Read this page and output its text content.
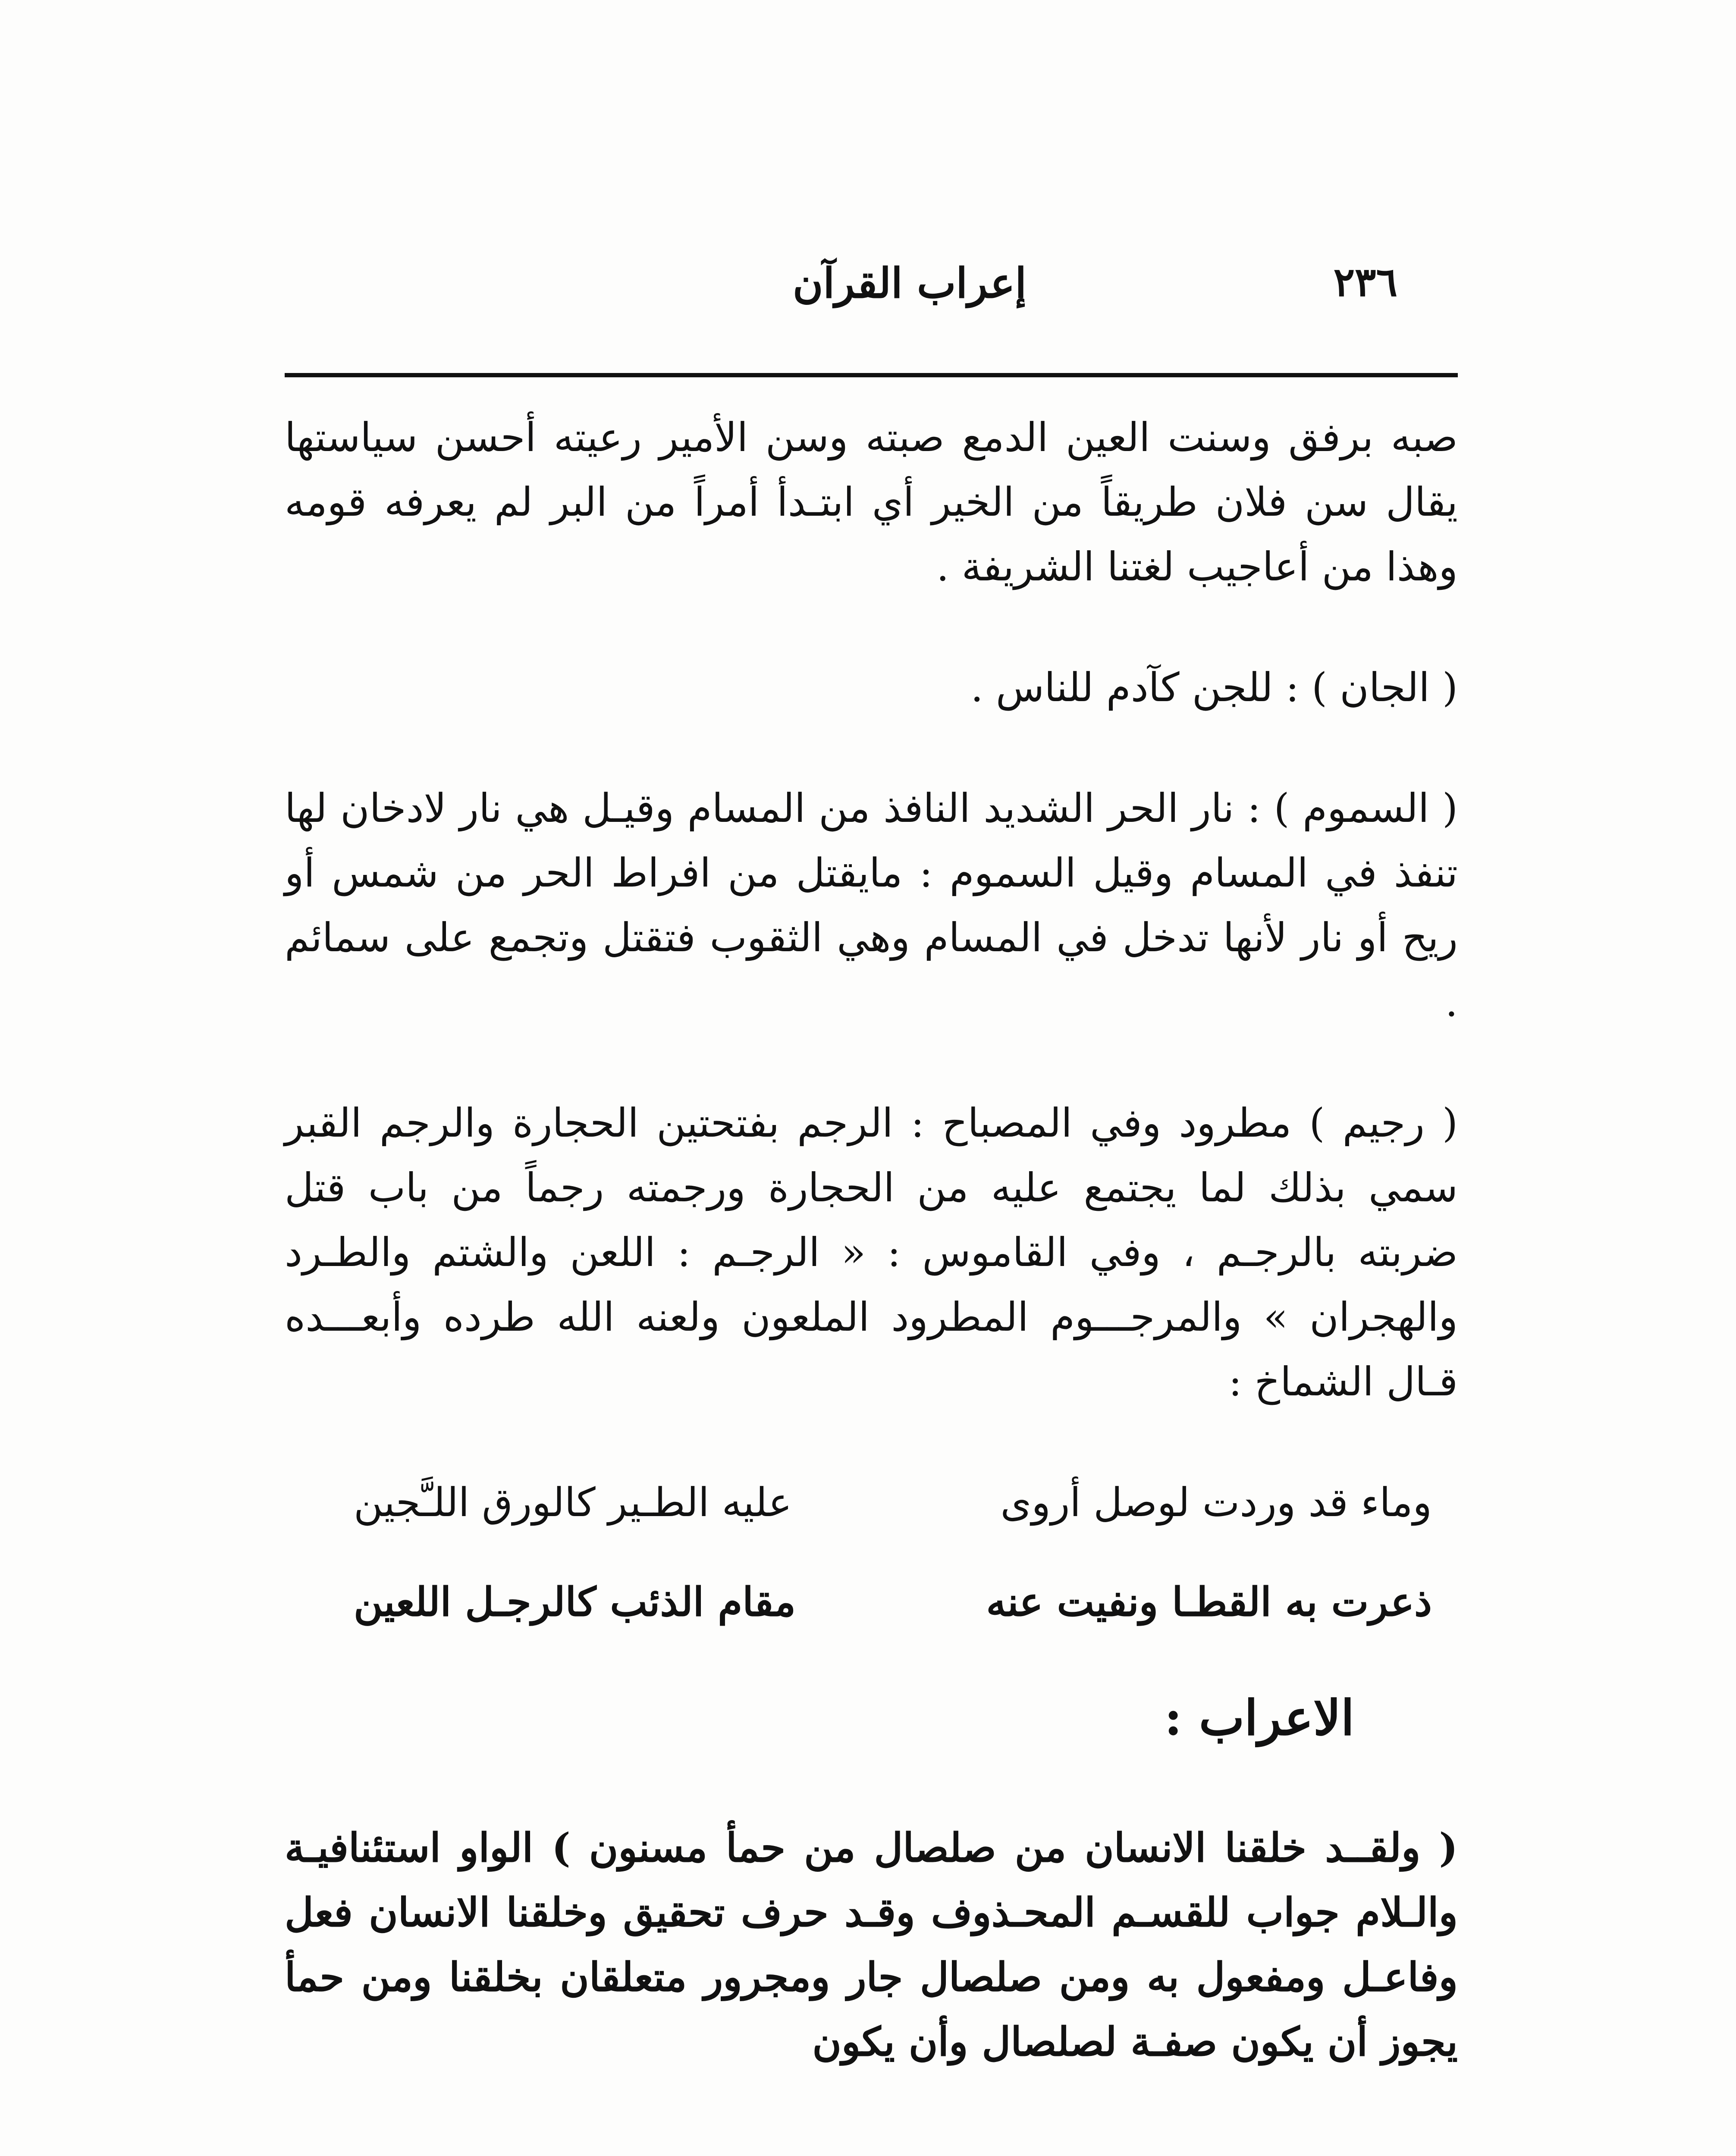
٢٣٦
إعراب القرآن

صبه برفق وسنت العين الدمع صبته وسن الأمير رعيته أحسن سياستها يقال سن فلان طريقاً من الخير أي ابتـدأ أمراً من البر لم يعرفه قومه وهذا من أعاجيب لغتنا الشريفة .

( الجان ) : للجن كآدم للناس .

( السموم ) : نار الحر الشديد النافذ من المسام وقيـل هي نار لادخان لها تنفذ في المسام وقيل السموم : مايقتل من افراط الحر من شمس أو ريح أو نار لأنها تدخل في المسام وهي الثقوب فتقتل وتجمع على سمائم .

( رجيم ) مطرود وفي المصباح : الرجم بفتحتين الحجارة والرجم القبر سمي بذلك لما يجتمع عليه من الحجارة ورجمته رجماً من باب قتل ضربته بالرجـم ، وفي القاموس : « الرجـم : اللعن والشتم والطـرد والهجران » والمرجـــوم المطرود الملعون ولعنه الله طرده وأبعـــده قـال الشماخ :

وماء قد وردت لوصل أروى
عليه الطـير كالورق اللـَّجين
ذعرت به القطـا ونفيت عنه
مقام الذئب كالرجـل اللعين
الاعراب :

( ولقــد خلقنا الانسان من صلصال من حمأ مسنون ) الواو استئنافيـة والـلام جواب للقسـم المحـذوف وقـد حرف تحقيق وخلقنا الانسان فعل وفاعـل ومفعول به ومن صلصال جار ومجرور متعلقان بخلقنا ومن حمأ يجوز أن يكون صفـة لصلصال وأن يكون
